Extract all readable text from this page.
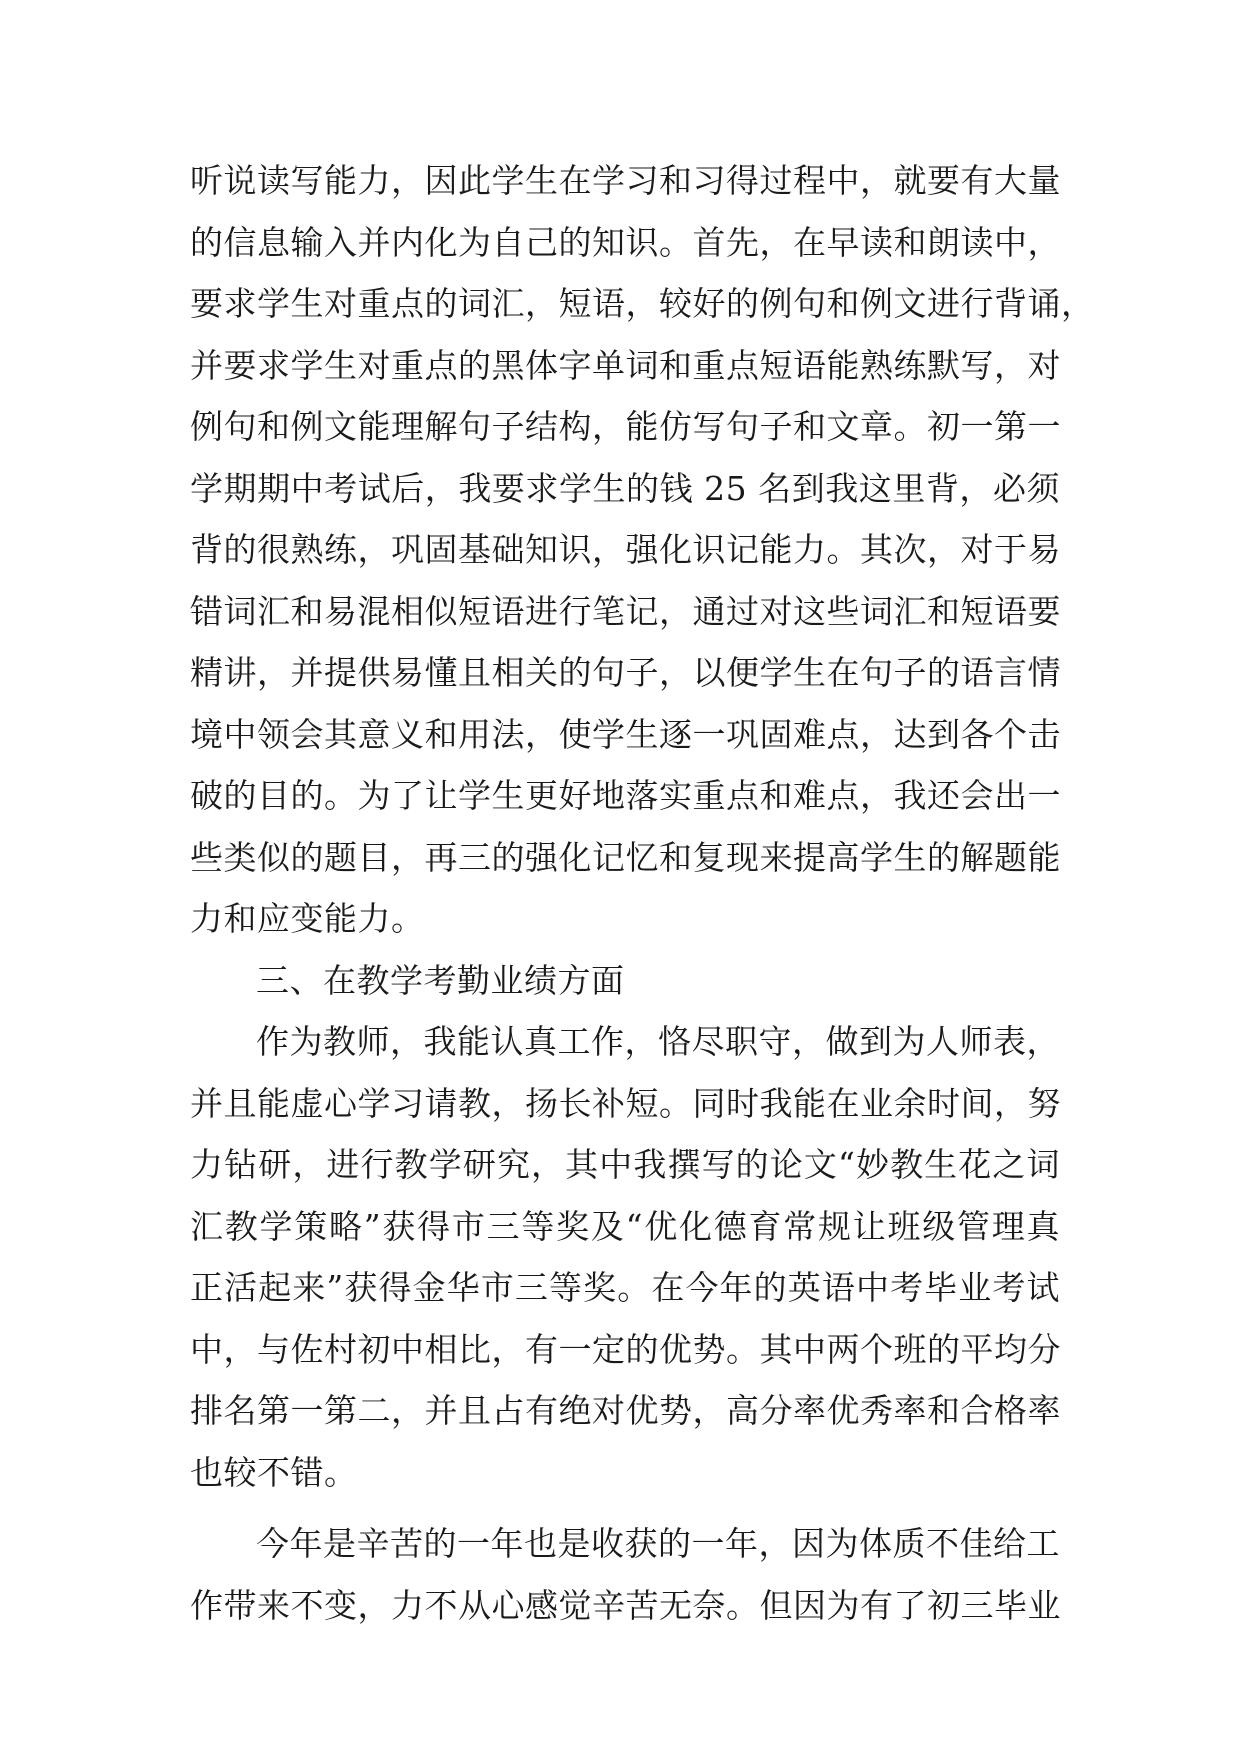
听说读写能力，因此学生在学习和习得过程中，就要有大量
的信息输入并内化为自己的知识。首先，在早读和朗读中，
要求学生对重点的词汇，短语，较好的例句和例文进行背诵，
并要求学生对重点的黑体字单词和重点短语能熟练默写，对
例句和例文能理解句子结构，能仿写句子和文章。初一第一
学期期中考试后，我要求学生的钱 25 名到我这里背，必须
背的很熟练，巩固基础知识，强化识记能力。其次，对于易
错词汇和易混相似短语进行笔记，通过对这些词汇和短语要
精讲，并提供易懂且相关的句子，以便学生在句子的语言情
境中领会其意义和用法，使学生逐一巩固难点，达到各个击
破的目的。为了让学生更好地落实重点和难点，我还会出一
些类似的题目，再三的强化记忆和复现来提高学生的解题能
力和应变能力。
三、在教学考勤业绩方面
作为教师，我能认真工作，恪尽职守，做到为人师表，
并且能虚心学习请教，扬长补短。同时我能在业余时间，努
力钻研，进行教学研究，其中我撰写的论文“妙教生花之词
汇教学策略”获得市三等奖及“优化德育常规让班级管理真
正活起来”获得金华市三等奖。在今年的英语中考毕业考试
中，与佐村初中相比，有一定的优势。其中两个班的平均分
排名第一第二，并且占有绝对优势，高分率优秀率和合格率
也较不错。
今年是辛苦的一年也是收获的一年，因为体质不佳给工
作带来不变，力不从心感觉辛苦无奈。但因为有了初三毕业
